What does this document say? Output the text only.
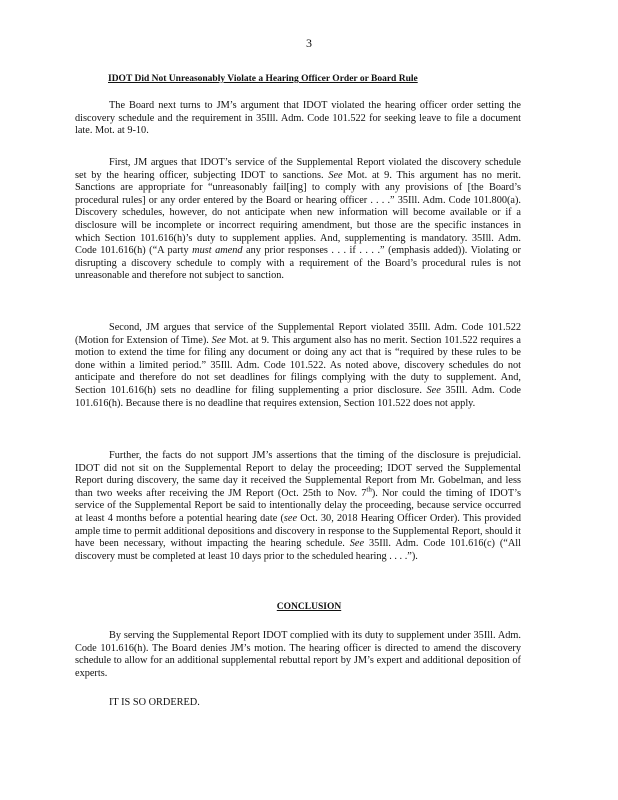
3
IDOT Did Not Unreasonably Violate a Hearing Officer Order or Board Rule

The Board next turns to JM’s argument that IDOT violated the hearing officer order setting the discovery schedule and the requirement in 35Ill. Adm. Code 101.522 for seeking leave to file a document late. Mot. at 9-10.

First, JM argues that IDOT’s service of the Supplemental Report violated the discovery schedule set by the hearing officer, subjecting IDOT to sanctions. See Mot. at 9. This argument has no merit. Sanctions are appropriate for “unreasonably fail[ing] to comply with any provisions of [the Board’s procedural rules] or any order entered by the Board or hearing officer . . . .” 35Ill. Adm. Code 101.800(a). Discovery schedules, however, do not anticipate when new information will become available or if a disclosure will be incomplete or incorrect requiring amendment, but those are the specific instances in which Section 101.616(h)’s duty to supplement applies. And, supplementing is mandatory. 35Ill. Adm. Code 101.616(h) (“A party must amend any prior responses . . . if . . . .” (emphasis added)). Violating or disrupting a discovery schedule to comply with a requirement of the Board’s procedural rules is not unreasonable and therefore not subject to sanction.

Second, JM argues that service of the Supplemental Report violated 35Ill. Adm. Code 101.522 (Motion for Extension of Time). See Mot. at 9. This argument also has no merit. Section 101.522 requires a motion to extend the time for filing any document or doing any act that is “required by these rules to be done within a limited period.” 35Ill. Adm. Code 101.522. As noted above, discovery schedules do not anticipate and therefore do not set deadlines for filings complying with the duty to supplement. And, Section 101.616(h) sets no deadline for filing supplementing a prior disclosure. See 35Ill. Adm. Code 101.616(h). Because there is no deadline that requires extension, Section 101.522 does not apply.

Further, the facts do not support JM’s assertions that the timing of the disclosure is prejudicial. IDOT did not sit on the Supplemental Report to delay the proceeding; IDOT served the Supplemental Report during discovery, the same day it received the Supplemental Report from Mr. Gobelman, and less than two weeks after receiving the JM Report (Oct. 25th to Nov. 7th). Nor could the timing of IDOT’s service of the Supplemental Report be said to intentionally delay the proceeding, because service occurred at least 4 months before a potential hearing date (see Oct. 30, 2018 Hearing Officer Order). This provided ample time to permit additional depositions and discovery in response to the Supplemental Report, should it have been necessary, without impacting the hearing schedule. See 35Ill. Adm. Code 101.616(c) (“All discovery must be completed at least 10 days prior to the scheduled hearing . . . .”).

CONCLUSION

By serving the Supplemental Report IDOT complied with its duty to supplement under 35Ill. Adm. Code 101.616(h). The Board denies JM’s motion. The hearing officer is directed to amend the discovery schedule to allow for an additional supplemental rebuttal report by JM’s expert and additional deposition of experts.

IT IS SO ORDERED.
